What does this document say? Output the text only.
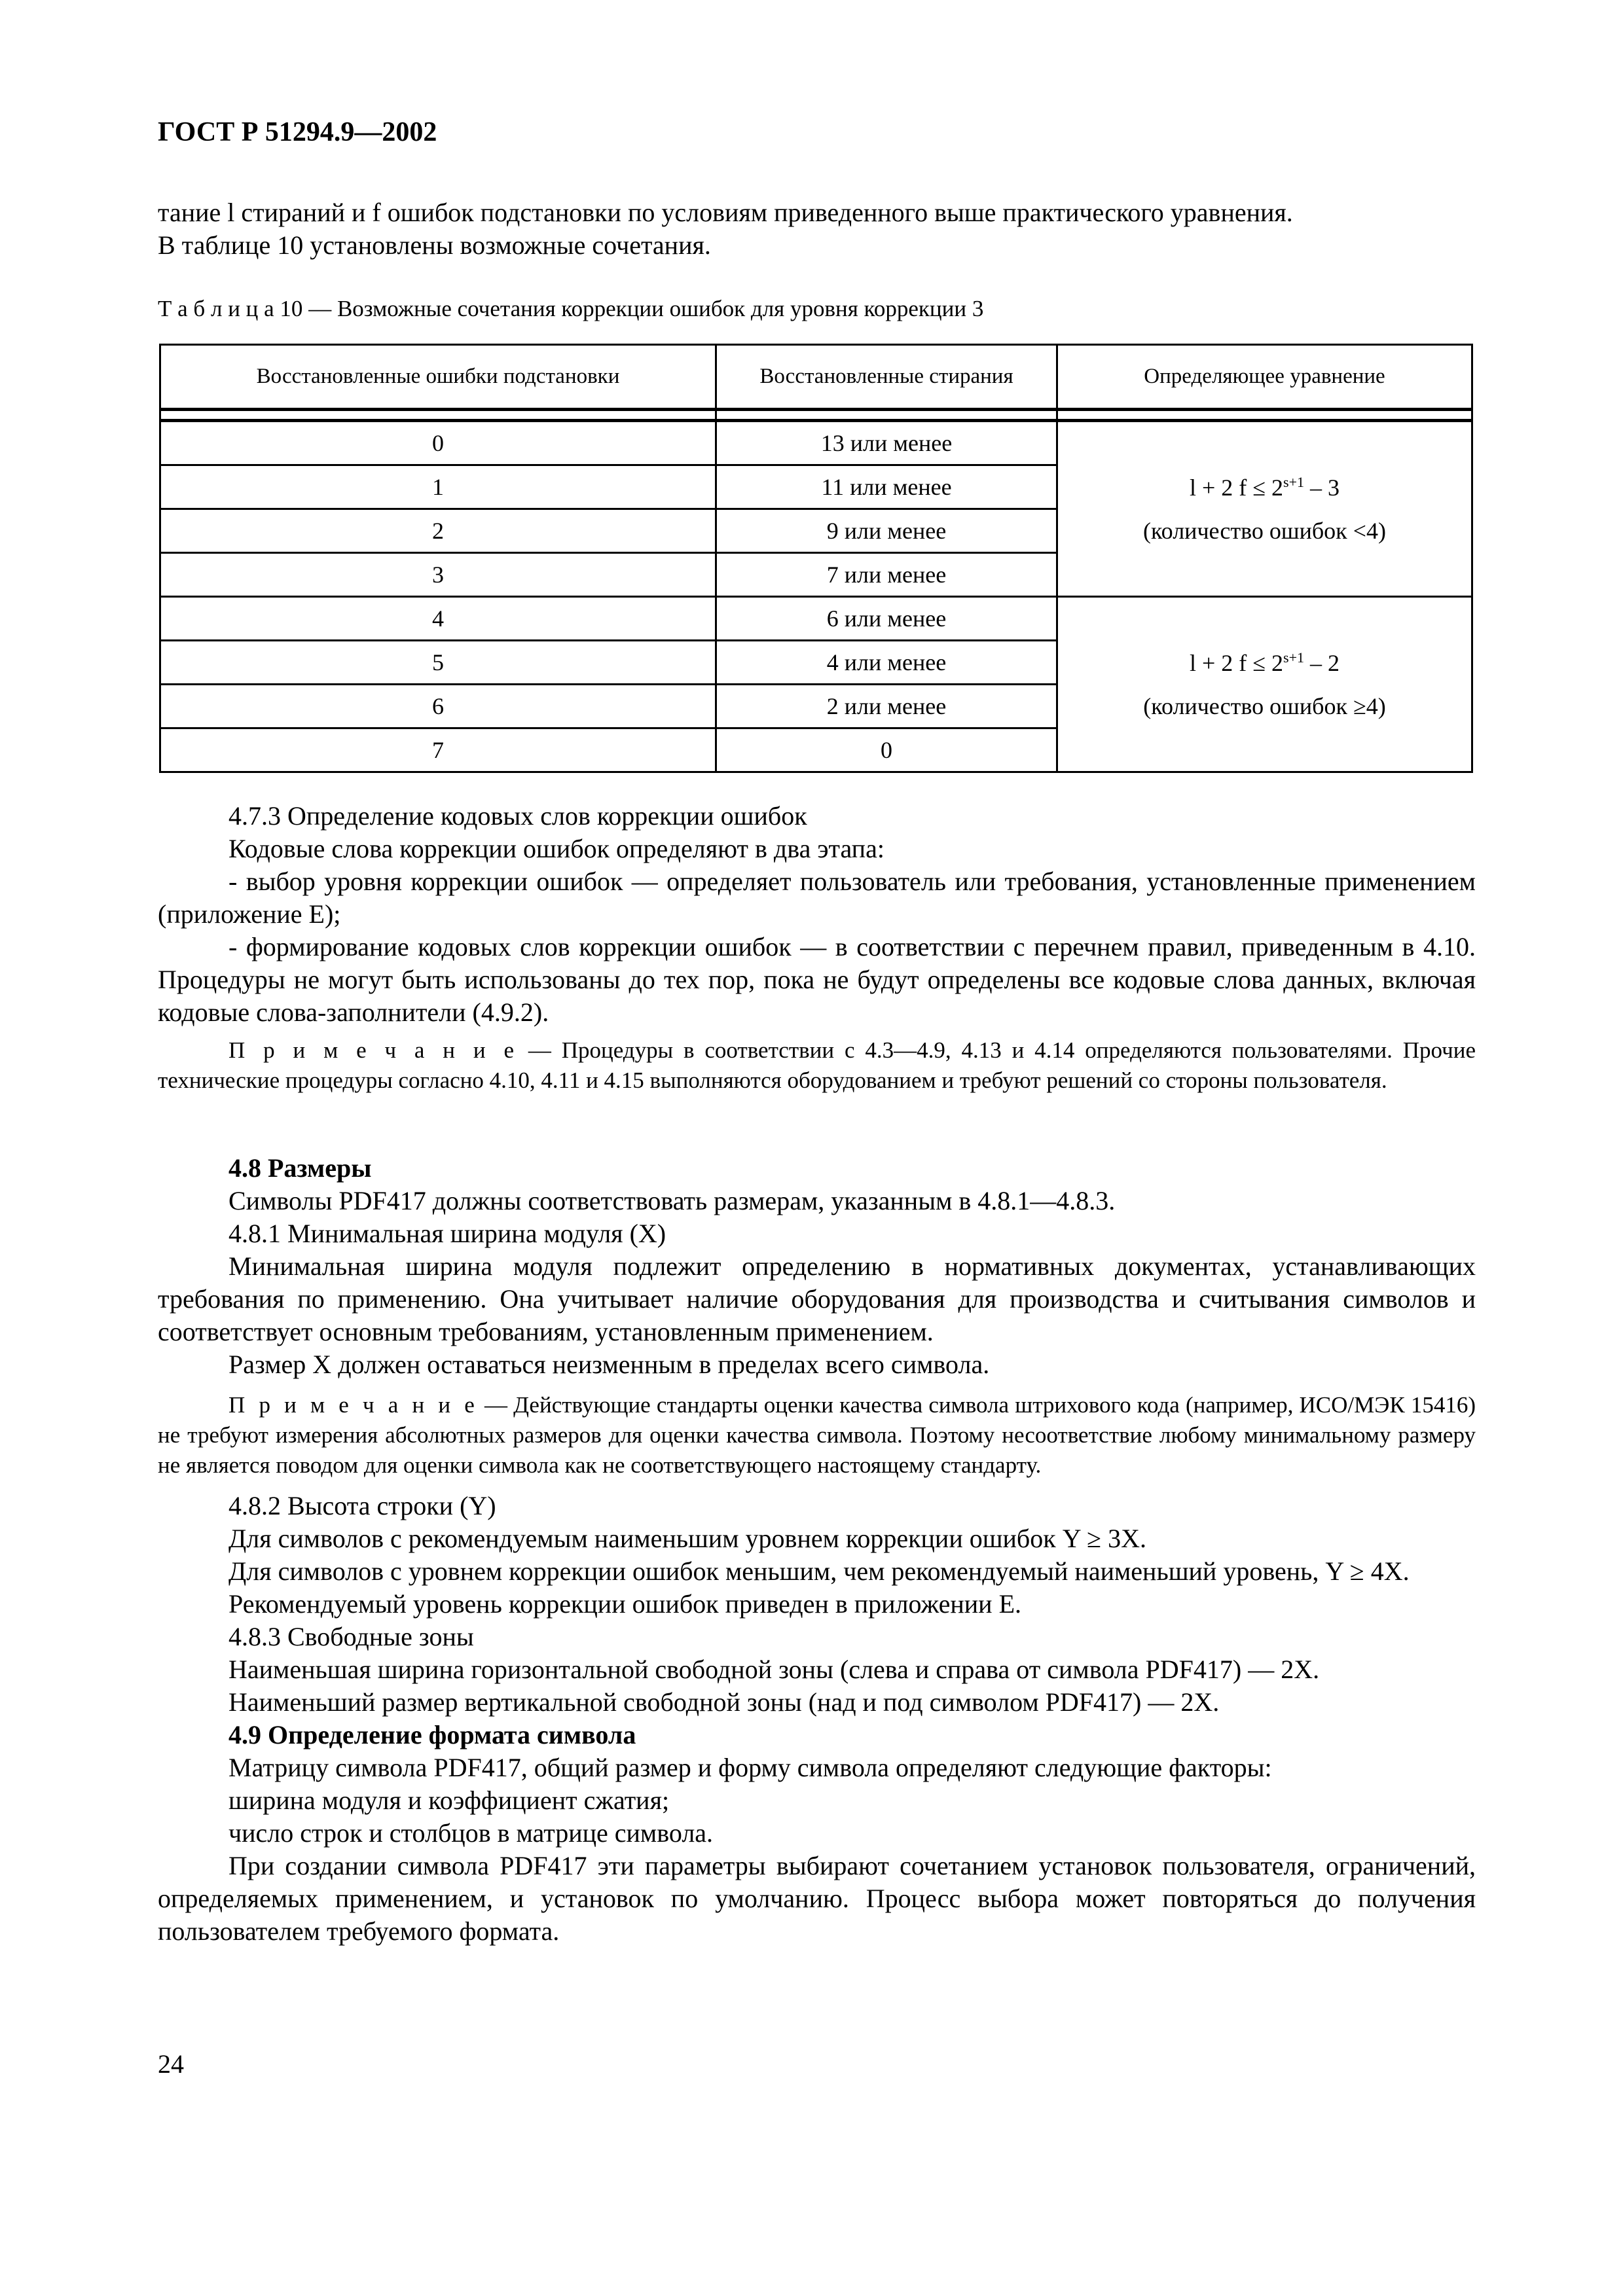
ГОСТ Р 51294.9—2002

тание l стираний и f ошибок подстановки по условиям приведенного выше практического уравнения.

В таблице 10 установлены возможные сочетания.

Т а б л и ц а 10 — Возможные сочетания коррекции ошибок для уровня коррекции 3
Восстановленные ошибки подстановки	Восстановленные стирания	Определяющее уравнение

0	13 или менее	l + 2 $f \le 2^{s+1} - 3$
(количество ошибок <4)

1	11 или менее	
2	9 или менее	
3	7 или менее	
4	6 или менее	l + 2 $f \le 2^{s+1} - 2$
(количество ошибок ≥4)

5	4 или менее	
6	2 или менее	
7	0	

4.7.3 Определение кодовых слов коррекции ошибок

Кодовые слова коррекции ошибок определяют в два этапа:

- выбор уровня коррекции ошибок — определяет пользователь или требования, установленные применением (приложение E);

- формирование кодовых слов коррекции ошибок — в соответствии с перечнем правил, приведенным в 4.10. Процедуры не могут быть использованы до тех пор, пока не будут определены все кодовые слова данных, включая кодовые слова-заполнители (4.9.2).

П р и м е ч а н и е — Процедуры в соответствии с 4.3—4.9, 4.13 и 4.14 определяются пользователями. Прочие технические процедуры согласно 4.10, 4.11 и 4.15 выполняются оборудованием и требуют решений со стороны пользователя.

4.8 Размеры

Символы PDF417 должны соответствовать размерам, указанным в 4.8.1—4.8.3.

4.8.1 Минимальная ширина модуля (X)

Минимальная ширина модуля подлежит определению в нормативных документах, устанавливающих требования по применению. Она учитывает наличие оборудования для производства и считывания символов и соответствует основным требованиям, установленным применением.

Размер X должен оставаться неизменным в пределах всего символа.

П р и м е ч а н и е — Действующие стандарты оценки качества символа штрихового кода (например, ИСО/МЭК 15416) не требуют измерения абсолютных размеров для оценки качества символа. Поэтому несоответствие любому минимальному размеру не является поводом для оценки символа как не соответствующего настоящему стандарту.

4.8.2 Высота строки (Y)

Для символов с рекомендуемым наименьшим уровнем коррекции ошибок Y ≥ 3X.

Для символов с уровнем коррекции ошибок меньшим, чем рекомендуемый наименьший уровень, Y ≥ 4X.

Рекомендуемый уровень коррекции ошибок приведен в приложении E.

4.8.3 Свободные зоны

Наименьшая ширина горизонтальной свободной зоны (слева и справа от символа PDF417) — 2X.

Наименьший размер вертикальной свободной зоны (над и под символом PDF417) — 2X.

4.9 Определение формата символа

Матрицу символа PDF417, общий размер и форму символа определяют следующие факторы:

ширина модуля и коэффициент сжатия;

число строк и столбцов в матрице символа.

При создании символа PDF417 эти параметры выбирают сочетанием установок пользователя, ограничений, определяемых применением, и установок по умолчанию. Процесс выбора может повторяться до получения пользователем требуемого формата.

24
